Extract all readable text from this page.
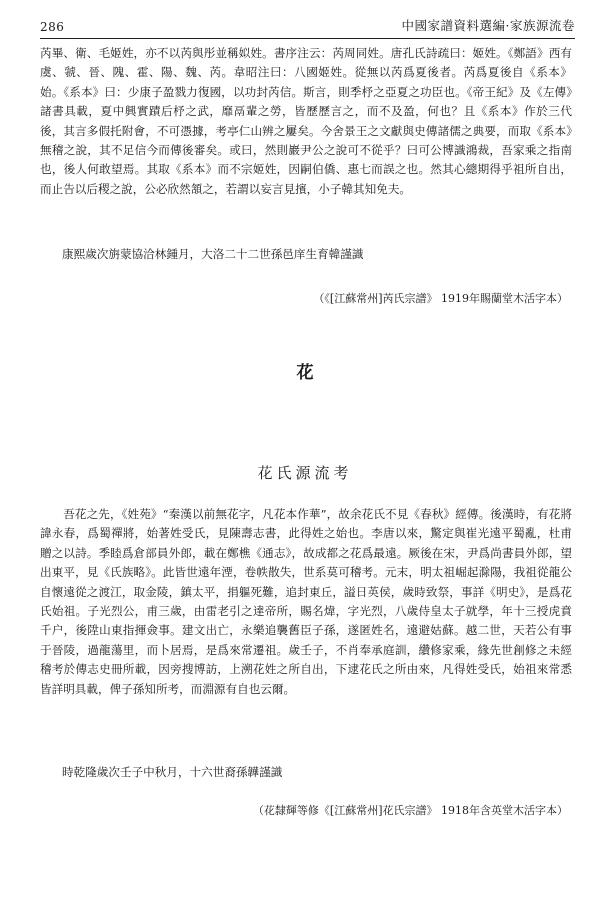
286	中國家譜資料選編·家族源流卷

芮畢、衛、毛姬姓，亦不以芮與彤並稱姒姓。書序注云：芮周同姓。唐孔氏詩疏曰：姬姓。《鄭語》西有虞、虢、晉、隗、霍、陽、魏、芮。韋昭注曰：八國姬姓。從無以芮爲夏後者。芮爲夏後自《系本》始。《系本》曰：少康子盈戮力復國，以功封芮信。斯言，則季杼之亞夏之功臣也。《帝王紀》及《左傳》諸書具載，夏中興實蹟后杼之武，靡鬲輩之勞，皆歷歷言之，而不及盈，何也？且《系本》作於三代後，其言多假托附會，不可憑據，考亭仁山辨之屢矣。今舍景王之文獻與史傳諸儒之典要，而取《系本》無稽之說，其不足信今而傳後審矣。或曰，然則巖尹公之說可不從乎？曰可公博識鴻裁，吾家乘之指南也，後人何敢望焉。其取《系本》而不宗姬姓，因嗣伯僑、惠七而誤之也。然其心總期得乎祖所自出，而止告以后稷之說，公必欣然頷之，若謂以妄言見擯，小子韓其知免夫。

康熙歲次旃蒙協洽林鍾月，大洛二十二世孫邑庠生育韓謹識
（《[江蘇常州]芮氏宗譜》 1919年賜蘭堂木活字本）
花
花氏源流考

吾花之先，《姓苑》“秦漢以前無花字，凡花本作華”，故余花氏不見《春秋》經傳。後漢時，有花將諱永春，爲蜀禪將，始著姓受氏，見陳壽志書，此得姓之始也。李唐以來，驚定與崔光遠平蜀亂，杜甫贈之以詩。季睦爲倉部員外郎，載在鄭樵《通志》，故成都之花爲最遠。厥後在宋，尹爲尚書員外郎，望出東平，見《氏族略》。此皆世遠年湮，卷帙散失，世系莫可稽考。元末，明太祖崛起滁陽，我祖從龍公自懷遠從之渡江，取金陵，鎮太平，捐軀死難，追封東丘，謚日英侯，歲時致祭，事詳《明史》，是爲花氏始祖。子光烈公，甫三歲，由雷老引之達帝所，賜名煒，字光烈，八歲侍皇太子就學，年十三授虎賁千户，後陞山東指揮僉事。建文出亡，永樂追襲舊臣子孫，遂匿姓名，遠避姑蘇。越二世，天若公有事于晉陵，過龍蕩里，而卜居焉，是爲來常遷祖。歲壬子，不肖奉承庭訓，纘修家乘，緣先世創修之未經稽考於傳志史冊所載，因旁搜博訪，上溯花姓之所自出，下逮花氏之所由來，凡得姓受氏，始祖來常悉皆詳明具載，俾子孫知所考，而淵源有自也云爾。

時乾隆歲次壬子中秋月，十六世裔孫韡謹識
（花隸輝等修《[江蘇常州]花氏宗譜》 1918年含英堂木活字本）
